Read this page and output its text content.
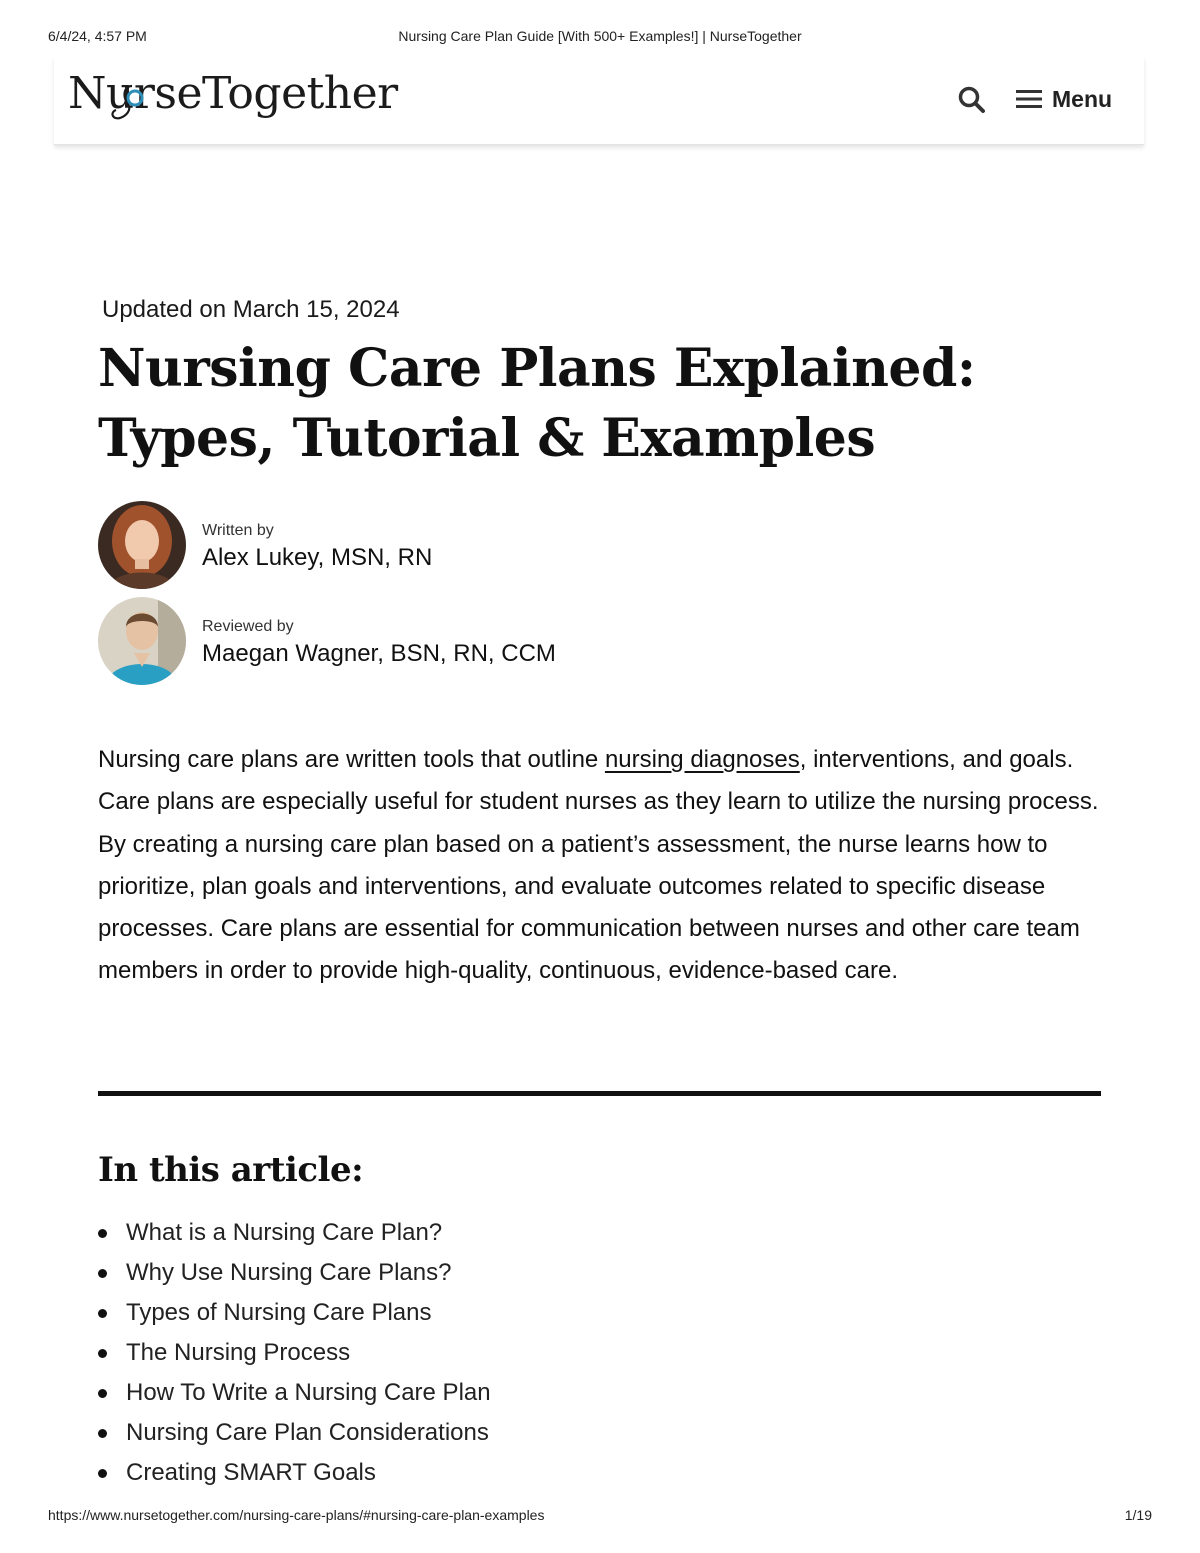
6/4/24, 4:57 PM	Nursing Care Plan Guide [With 500+ Examples!] | NurseTogether
NurseTogether	Menu
Updated on March 15, 2024
Nursing Care Plans Explained:
Types, Tutorial & Examples
Written by
Alex Lukey, MSN, RN
Reviewed by
Maegan Wagner, BSN, RN, CCM

Nursing care plans are written tools that outline nursing diagnoses, interventions, and goals. Care plans are especially useful for student nurses as they learn to utilize the nursing process. By creating a nursing care plan based on a patient’s assessment, the nurse learns how to prioritize, plan goals and interventions, and evaluate outcomes related to specific disease processes. Care plans are essential for communication between nurses and other care team members in order to provide high-quality, continuous, evidence-based care.

In this article:
What is a Nursing Care Plan?
Why Use Nursing Care Plans?
Types of Nursing Care Plans
The Nursing Process
How To Write a Nursing Care Plan
Nursing Care Plan Considerations
Creating SMART Goals
https://www.nursetogether.com/nursing-care-plans/#nursing-care-plan-examples	1/19
